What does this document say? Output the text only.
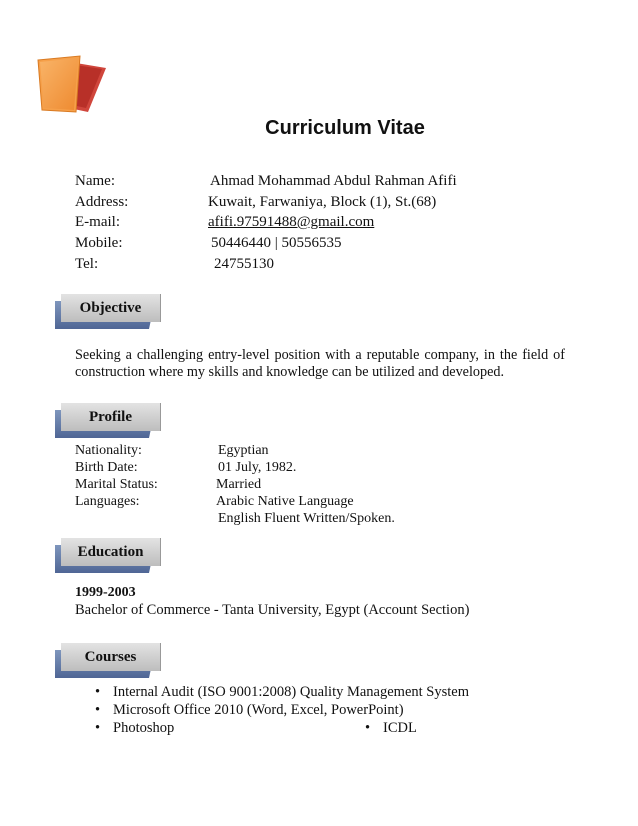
Curriculum Vitae
Name:	Ahmad Mohammad Abdul Rahman Afifi
Address:	Kuwait, Farwaniya, Block (1), St.(68)
E-mail:	afifi.97591488@gmail.com
Mobile:	50446440 | 50556535
Tel:	24755130
Objective
Seeking a challenging entry-level position with a reputable company, in the field of construction where my skills and knowledge can be utilized and developed.
Profile
Nationality:	Egyptian
Birth Date:	01 July, 1982.
Marital Status:	Married
Languages:	Arabic Native Language
English Fluent Written/Spoken.
Education
1999-2003
Bachelor of Commerce - Tanta University, Egypt (Account Section)
Courses
• Internal Audit (ISO 9001:2008) Quality Management System
• Microsoft Office 2010 (Word, Excel, PowerPoint)
• Photoshop	• ICDL
